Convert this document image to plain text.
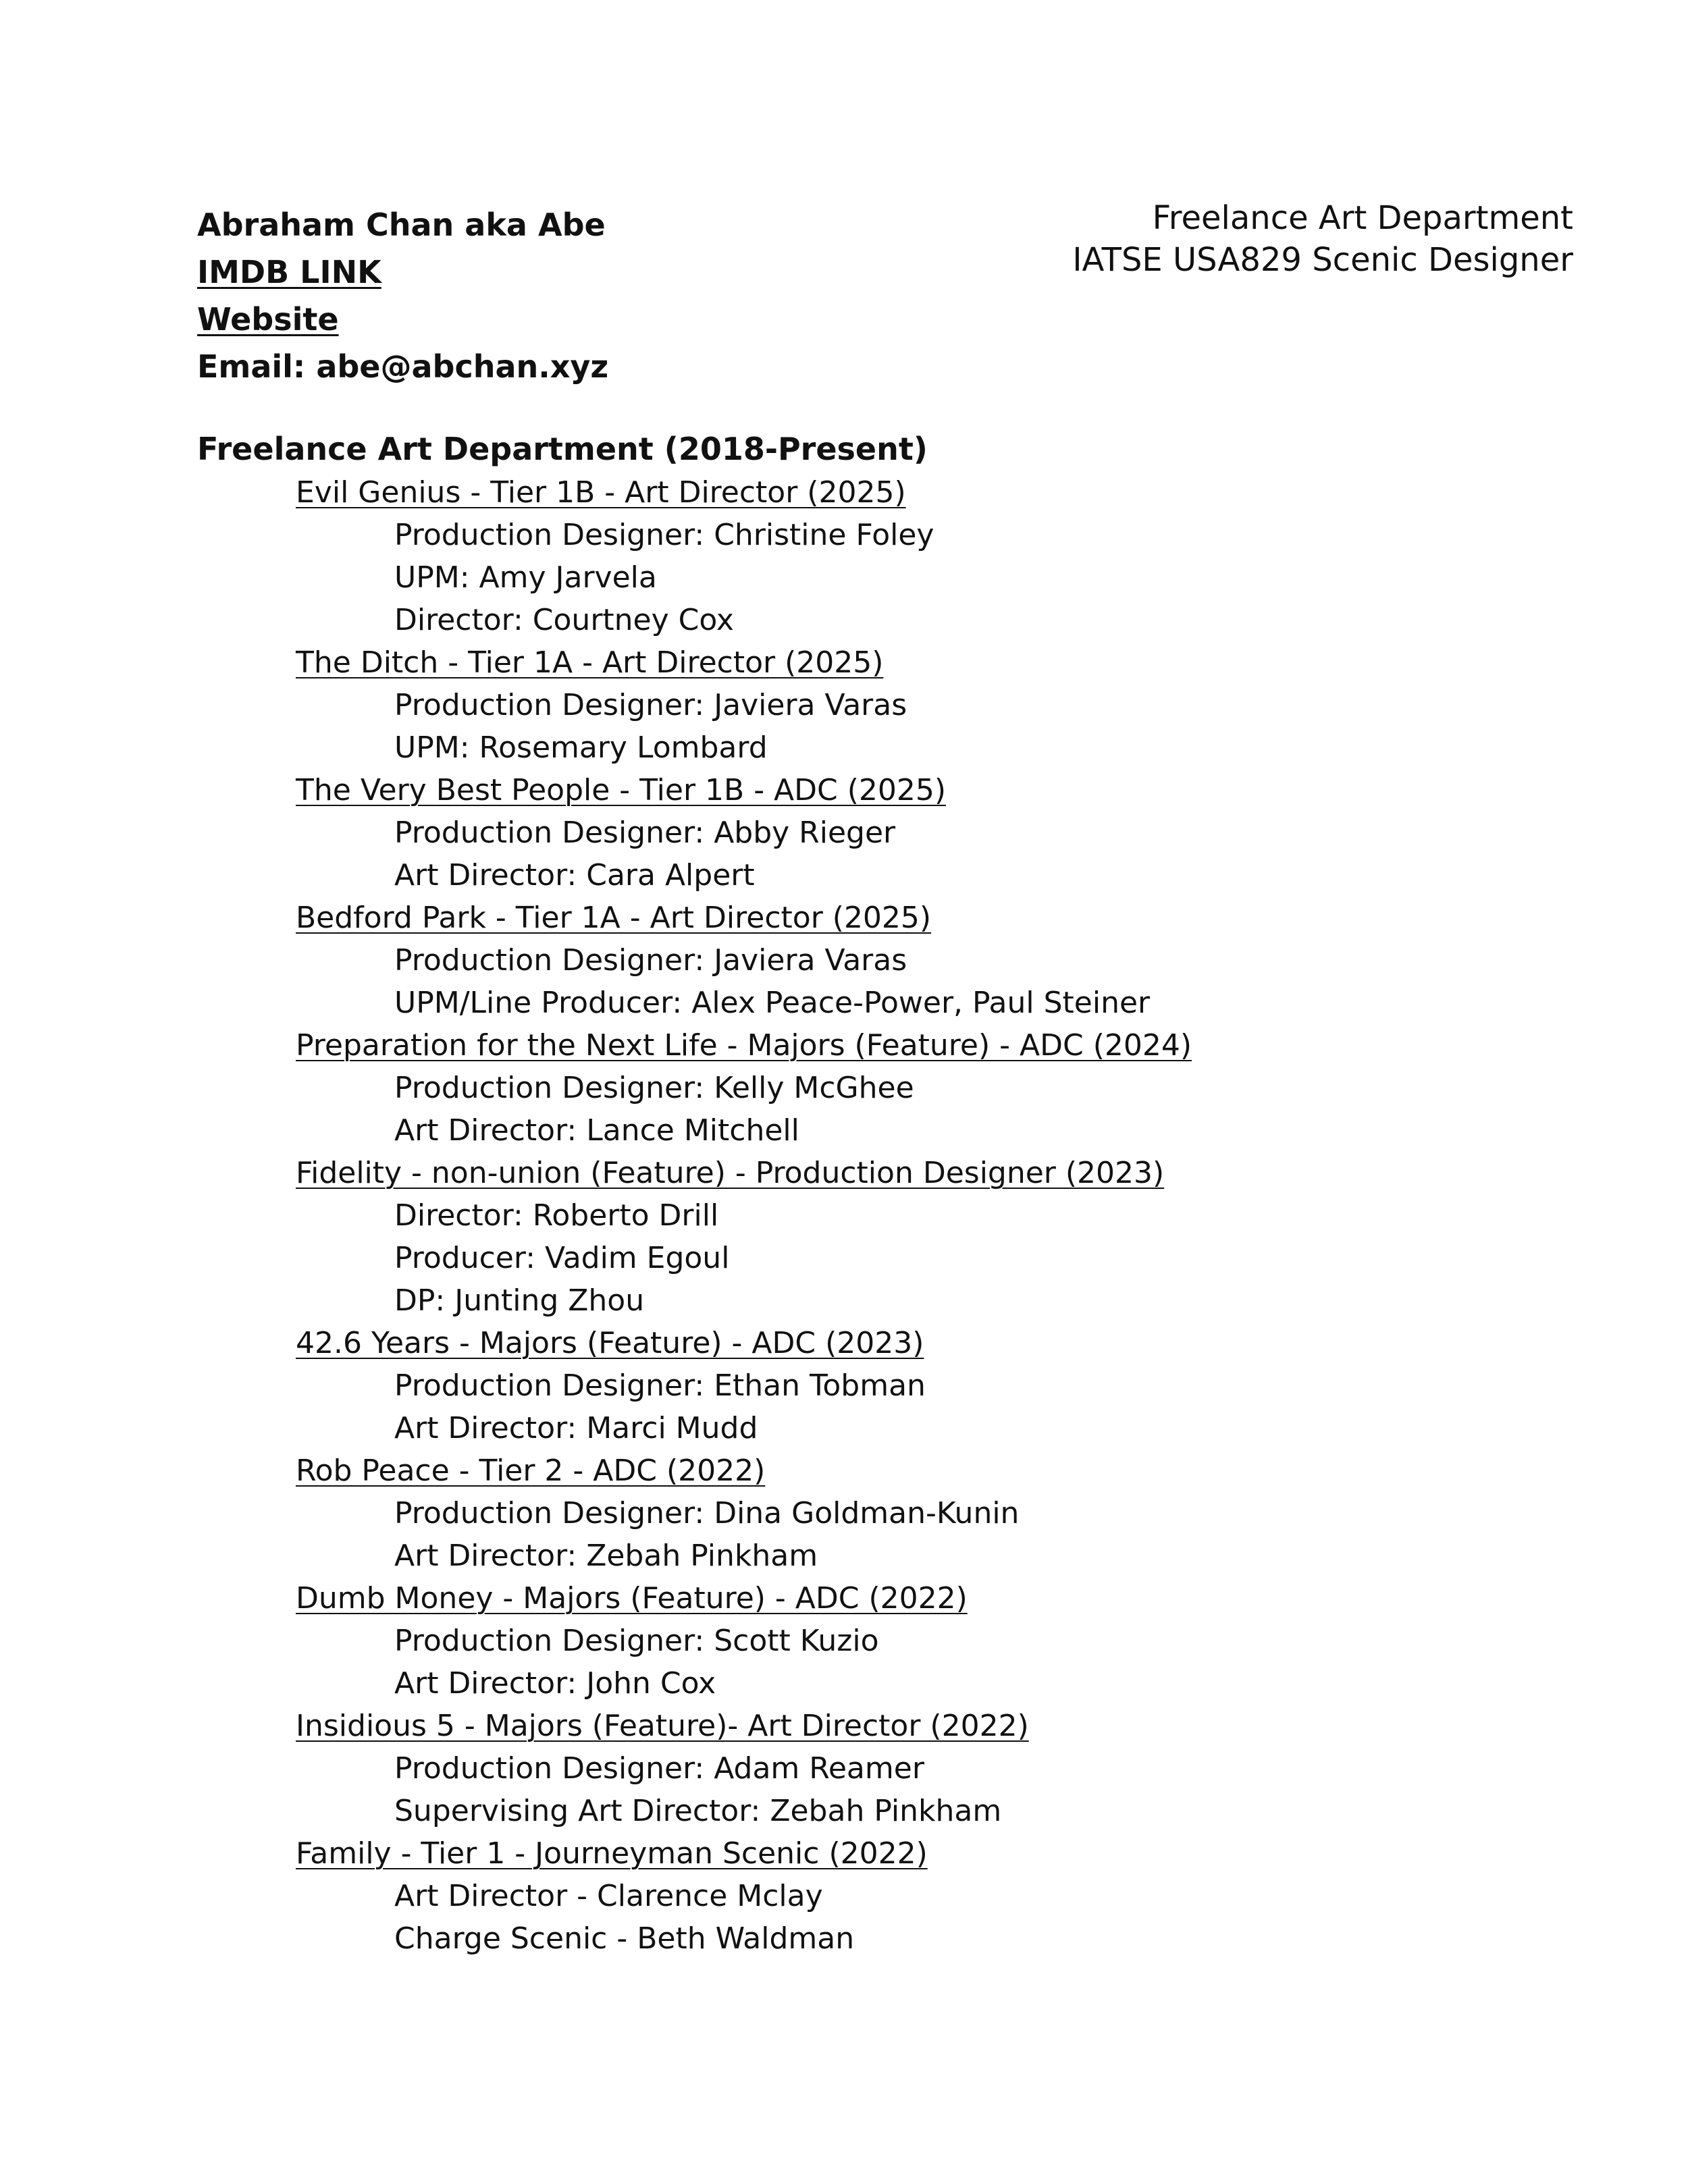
Abraham Chan aka Abe
IMDB LINK
Website
Email: abe@abchan.xyz
Freelance Art Department
IATSE USA829 Scenic Designer
Freelance Art Department (2018-Present)
Evil Genius - Tier 1B - Art Director (2025)
Production Designer: Christine Foley
UPM: Amy Jarvela
Director: Courtney Cox
The Ditch - Tier 1A - Art Director (2025)
Production Designer: Javiera Varas
UPM: Rosemary Lombard
The Very Best People - Tier 1B - ADC (2025)
Production Designer: Abby Rieger
Art Director: Cara Alpert
Bedford Park - Tier 1A - Art Director (2025)
Production Designer: Javiera Varas
UPM/Line Producer: Alex Peace-Power, Paul Steiner
Preparation for the Next Life - Majors (Feature) - ADC (2024)
Production Designer: Kelly McGhee
Art Director: Lance Mitchell
Fidelity - non-union (Feature) - Production Designer (2023)
Director: Roberto Drill
Producer: Vadim Egoul
DP: Junting Zhou
42.6 Years - Majors (Feature) - ADC (2023)
Production Designer: Ethan Tobman
Art Director: Marci Mudd
Rob Peace - Tier 2 - ADC (2022)
Production Designer: Dina Goldman-Kunin
Art Director: Zebah Pinkham
Dumb Money - Majors (Feature) - ADC (2022)
Production Designer: Scott Kuzio
Art Director: John Cox
Insidious 5 - Majors (Feature)- Art Director (2022)
Production Designer: Adam Reamer
Supervising Art Director: Zebah Pinkham
Family - Tier 1 - Journeyman Scenic (2022)
Art Director - Clarence Mclay
Charge Scenic - Beth Waldman
